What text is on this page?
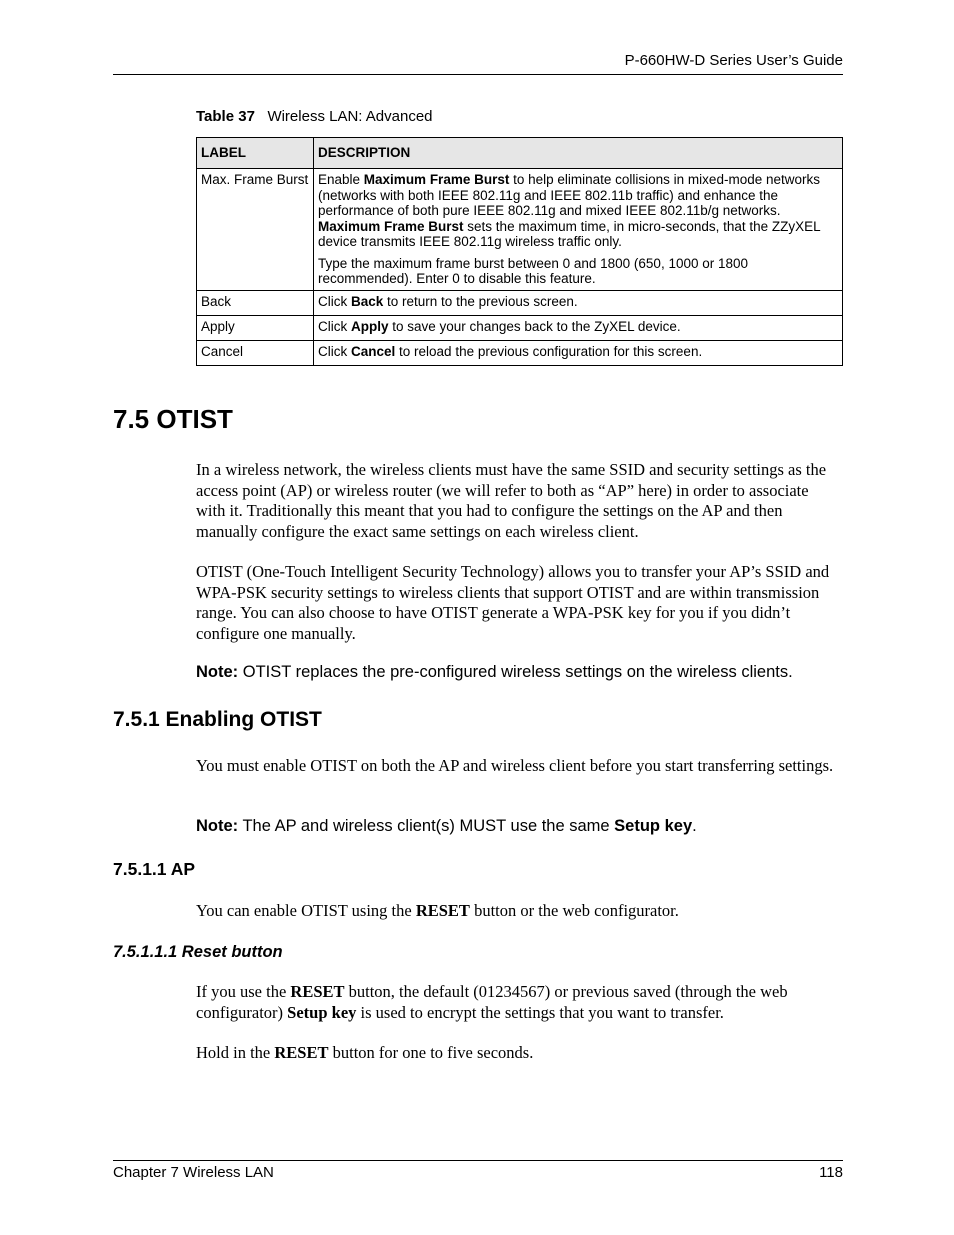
P-660HW-D Series User’s Guide
Table 37 Wireless LAN: Advanced
LABEL	DESCRIPTION
Max. Frame Burst	Enable Maximum Frame Burst to help eliminate collisions in mixed-mode networks (networks with both IEEE 802.11g and IEEE 802.11b traffic) and enhance the performance of both pure IEEE 802.11g and mixed IEEE 802.11b/g networks. Maximum Frame Burst sets the maximum time, in micro-seconds, that the ZZyXEL device transmits IEEE 802.11g wireless traffic only.

Type the maximum frame burst between 0 and 1800 (650, 1000 or 1800 recommended). Enter 0 to disable this feature.

Back	Click Back to return to the previous screen.
Apply	Click Apply to save your changes back to the ZyXEL device.
Cancel	Click Cancel to reload the previous configuration for this screen.
7.5 OTIST

In a wireless network, the wireless clients must have the same SSID and security settings as the access point (AP) or wireless router (we will refer to both as “AP” here) in order to associate with it. Traditionally this meant that you had to configure the settings on the AP and then manually configure the exact same settings on each wireless client.

OTIST (One-Touch Intelligent Security Technology) allows you to transfer your AP’s SSID and WPA-PSK security settings to wireless clients that support OTIST and are within transmission range. You can also choose to have OTIST generate a WPA-PSK key for you if you didn’t configure one manually.

Note: OTIST replaces the pre-configured wireless settings on the wireless clients.

7.5.1 Enabling OTIST

You must enable OTIST on both the AP and wireless client before you start transferring settings.

Note: The AP and wireless client(s) MUST use the same Setup key.

7.5.1.1 AP

You can enable OTIST using the RESET button or the web configurator.

7.5.1.1.1 Reset button

If you use the RESET button, the default (01234567) or previous saved (through the web configurator) Setup key is used to encrypt the settings that you want to transfer.

Hold in the RESET button for one to five seconds.

Chapter 7 Wireless LAN	118
